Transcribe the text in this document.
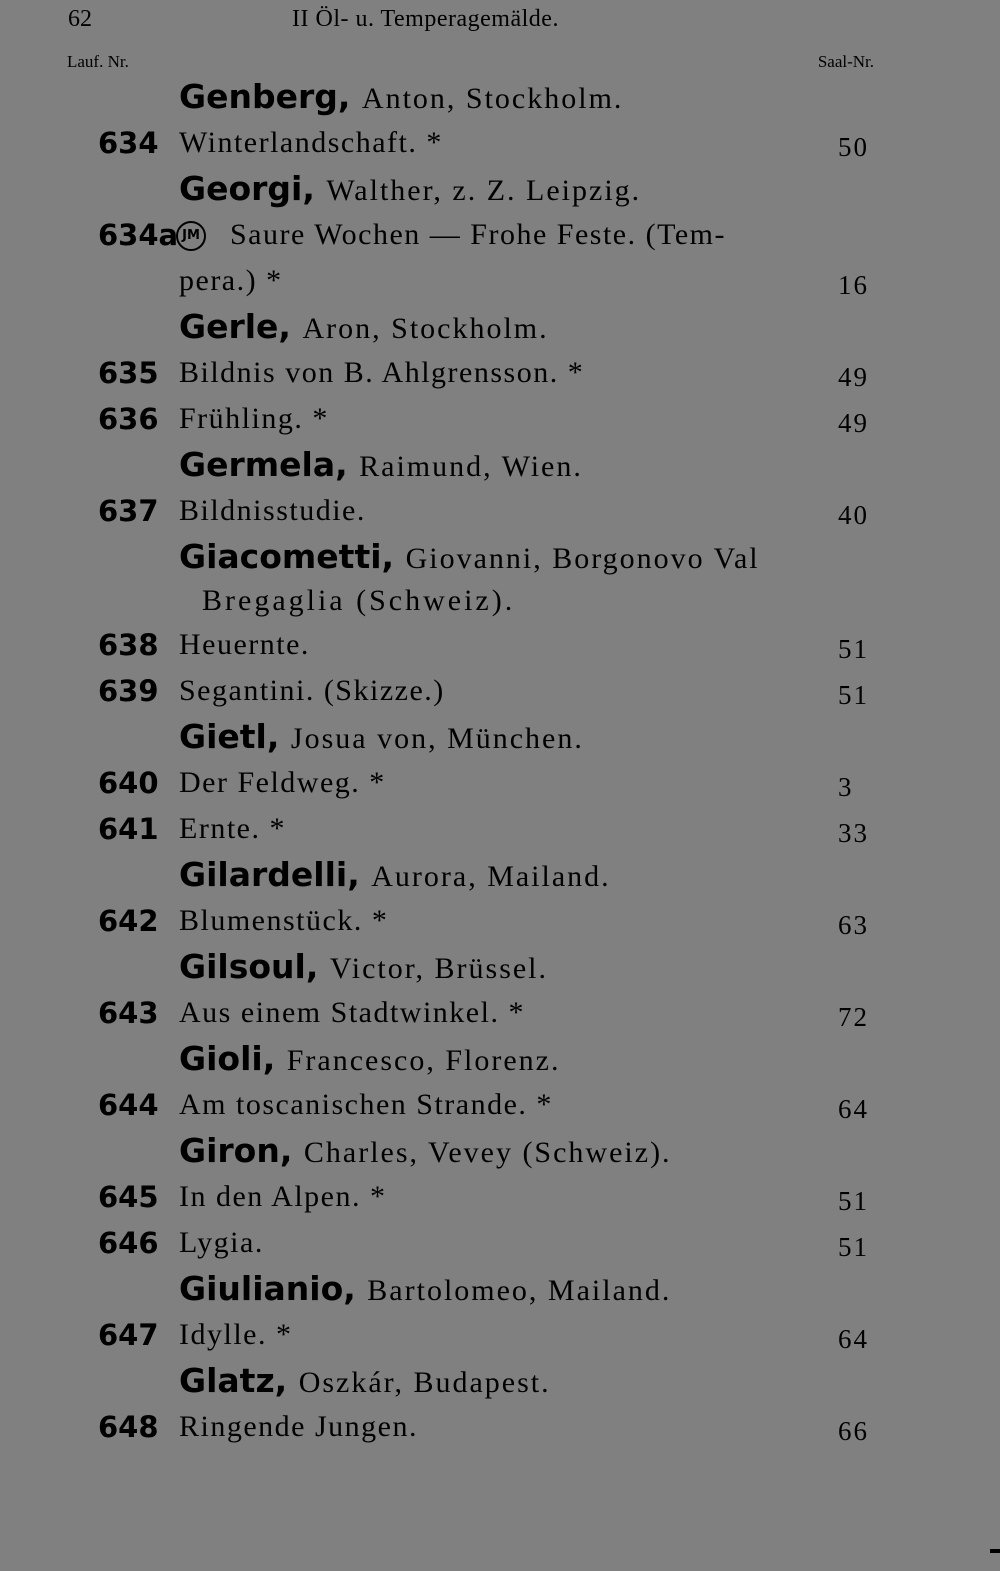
62	II Öl- u. Temperagemälde.
Lauf. Nr.	Saal-Nr.
Genberg, Anton, Stockholm.
634 Winterlandschaft. *	50
Georgi, Walther, z. Z. Leipzig.
634a JM Saure Wochen — Frohe Feste. (Tem-
pera.) *	16
Gerle, Aron, Stockholm.
635 Bildnis von B. Ahlgrensson. *	49
636 Frühling. *	49
Germela, Raimund, Wien.
637 Bildnisstudie.	40
Giacometti, Giovanni, Borgonovo Val
Bregaglia (Schweiz).
638 Heuernte.	51
639 Segantini. (Skizze.)	51
Gietl, Josua von, München.
640 Der Feldweg. *	3
641 Ernte. *	33
Gilardelli, Aurora, Mailand.
642 Blumenstück. *	63
Gilsoul, Victor, Brüssel.
643 Aus einem Stadtwinkel. *	72
Gioli, Francesco, Florenz.
644 Am toscanischen Strande. *	64
Giron, Charles, Vevey (Schweiz).
645 In den Alpen. *	51
646 Lygia.	51
Giulianio, Bartolomeo, Mailand.
647 Idylle. *	64
Glatz, Oszkár, Budapest.
648 Ringende Jungen.	66
